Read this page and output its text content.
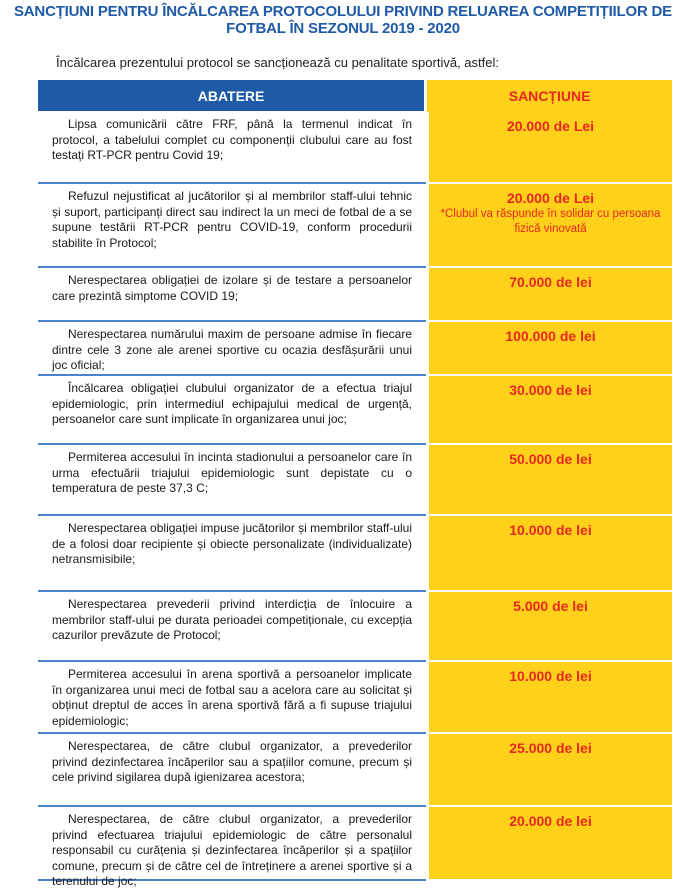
SANCȚIUNI PENTRU ÎNCĂLCAREA PROTOCOLULUI PRIVIND RELUAREA COMPETIȚIILOR DE
FOTBAL ÎN SEZONUL 2019 - 2020
Încălcarea prezentului protocol se sancționează cu penalitate sportivă, astfel:
ABATERE	SANCȚIUNE
Lipsa comunicării către FRF, până la termenul indicat în protocol, a tabelului complet cu componenții clubului care au fost testați RT-PCR pentru Covid 19;
20.000 de Lei
Refuzul nejustificat al jucătorilor și al membrilor staff-ului tehnic și suport, participanți direct sau indirect la un meci de fotbal de a se supune testării RT-PCR pentru COVID-19, conform procedurii stabilite în Protocol;
20.000 de Lei
*Clubul va răspunde în solidar cu persoana fizică vinovată
Nerespectarea obligației de izolare și de testare a persoanelor care prezintă simptome COVID 19;
70.000 de lei
Nerespectarea numărului maxim de persoane admise în fiecare dintre cele 3 zone ale arenei sportive cu ocazia desfășurării unui joc oficial;
100.000 de lei
Încălcarea obligației clubului organizator de a efectua triajul epidemiologic, prin intermediul echipajului medical de urgență, persoanelor care sunt implicate în organizarea unui joc;
30.000 de lei
Permiterea accesului în incinta stadionului a persoanelor care în urma efectuării triajului epidemiologic sunt depistate cu o temperatura de peste 37,3 C;
50.000 de lei
Nerespectarea obligației impuse jucătorilor și membrilor staff-ului de a folosi doar recipiente și obiecte personalizate (individualizate) netransmisibile;
10.000 de lei
Nerespectarea prevederii privind interdicția de înlocuire a membrilor staff-ului pe durata perioadei competiționale, cu excepția cazurilor prevăzute de Protocol;
5.000 de lei
Permiterea accesului în arena sportivă a persoanelor implicate în organizarea unui meci de fotbal sau a acelora care au solicitat și obținut dreptul de acces în arena sportivă fără a fi supuse triajului epidemiologic;
10.000 de lei
Nerespectarea, de către clubul organizator, a prevederilor privind dezinfectarea încăperilor sau a spațiilor comune, precum și cele privind sigilarea după igienizarea acestora;
25.000 de lei
Nerespectarea, de către clubul organizator, a prevederilor privind efectuarea triajului epidemiologic de către personalul responsabil cu curățenia și dezinfectarea încăperilor și a spațiilor comune, precum și de către cel de întreținere a arenei sportive și a terenului de joc;
20.000 de lei
